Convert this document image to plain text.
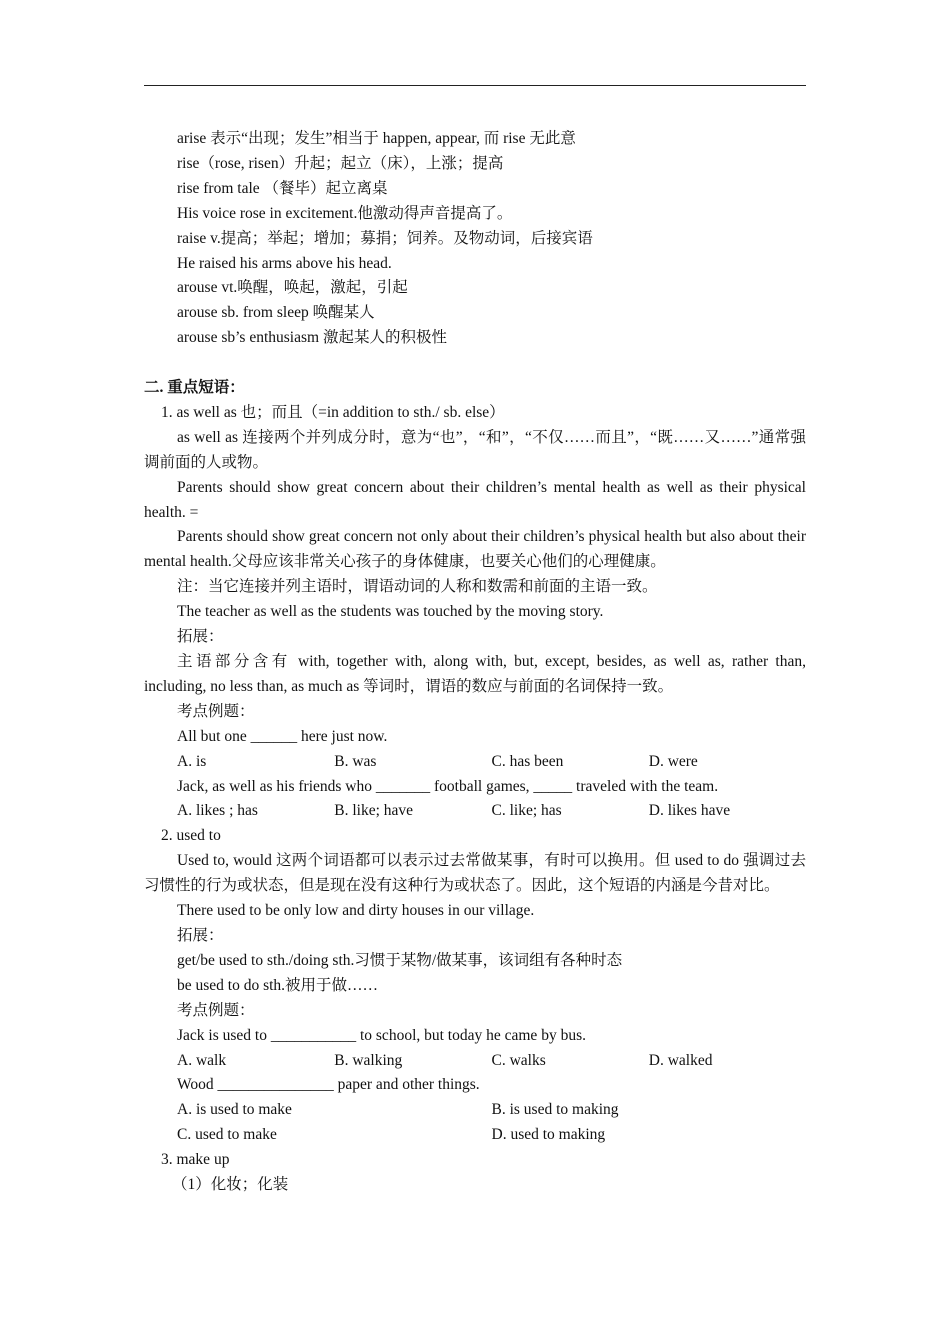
arise 表示“出现；发生”相当于 happen, appear, 而 rise 无此意
rise（rose, risen）升起；起立（床），上涨；提高
rise from tale （餐毕）起立离桌
His voice rose in excitement.他激动得声音提高了。
raise v.提高；举起；增加；募捐；饲养。及物动词，后接宾语
He raised his arms above his head.
arouse vt.唤醒，唤起，激起，引起
arouse sb. from sleep 唤醒某人
arouse sb’s enthusiasm 激起某人的积极性
二. 重点短语：
1. as well as 也；而且（=in addition to sth./ sb. else）
as well as 连接两个并列成分时，意为“也”，“和”，“不仅……而且”，“既……又……”通常强调前面的人或物。
Parents should show great concern about their children’s mental health as well as their physical health. =
Parents should show great concern not only about their children’s physical health but also about their mental health.父母应该非常关心孩子的身体健康，也要关心他们的心理健康。
注：当它连接并列主语时，谓语动词的人称和数需和前面的主语一致。
The teacher as well as the students was touched by the moving story.
拓展：
主语部分含有 with, together with, along with, but, except, besides, as well as, rather than, including, no less than, as much as 等词时，谓语的数应与前面的名词保持一致。
考点例题：
All but one ______ here just now.
A. is	B. was	C. has been	D. were
Jack, as well as his friends who _______ football games, _____ traveled with the team.
A. likes ; has	B. like; have	C. like; has	D. likes have
2. used to
Used to, would 这两个词语都可以表示过去常做某事，有时可以换用。但 used to do 强调过去习惯性的行为或状态，但是现在没有这种行为或状态了。因此，这个短语的内涵是今昔对比。
There used to be only low and dirty houses in our village.
拓展：
get/be used to sth./doing sth.习惯于某物/做某事，该词组有各种时态
be used to do sth.被用于做……
考点例题：
Jack is used to ___________ to school, but today he came by bus.
A. walk	B. walking	C. walks	D. walked
Wood _______________ paper and other things.
A. is used to make	B. is used to making
C. used to make	D. used to making
3. make up
（1）化妆；化装
